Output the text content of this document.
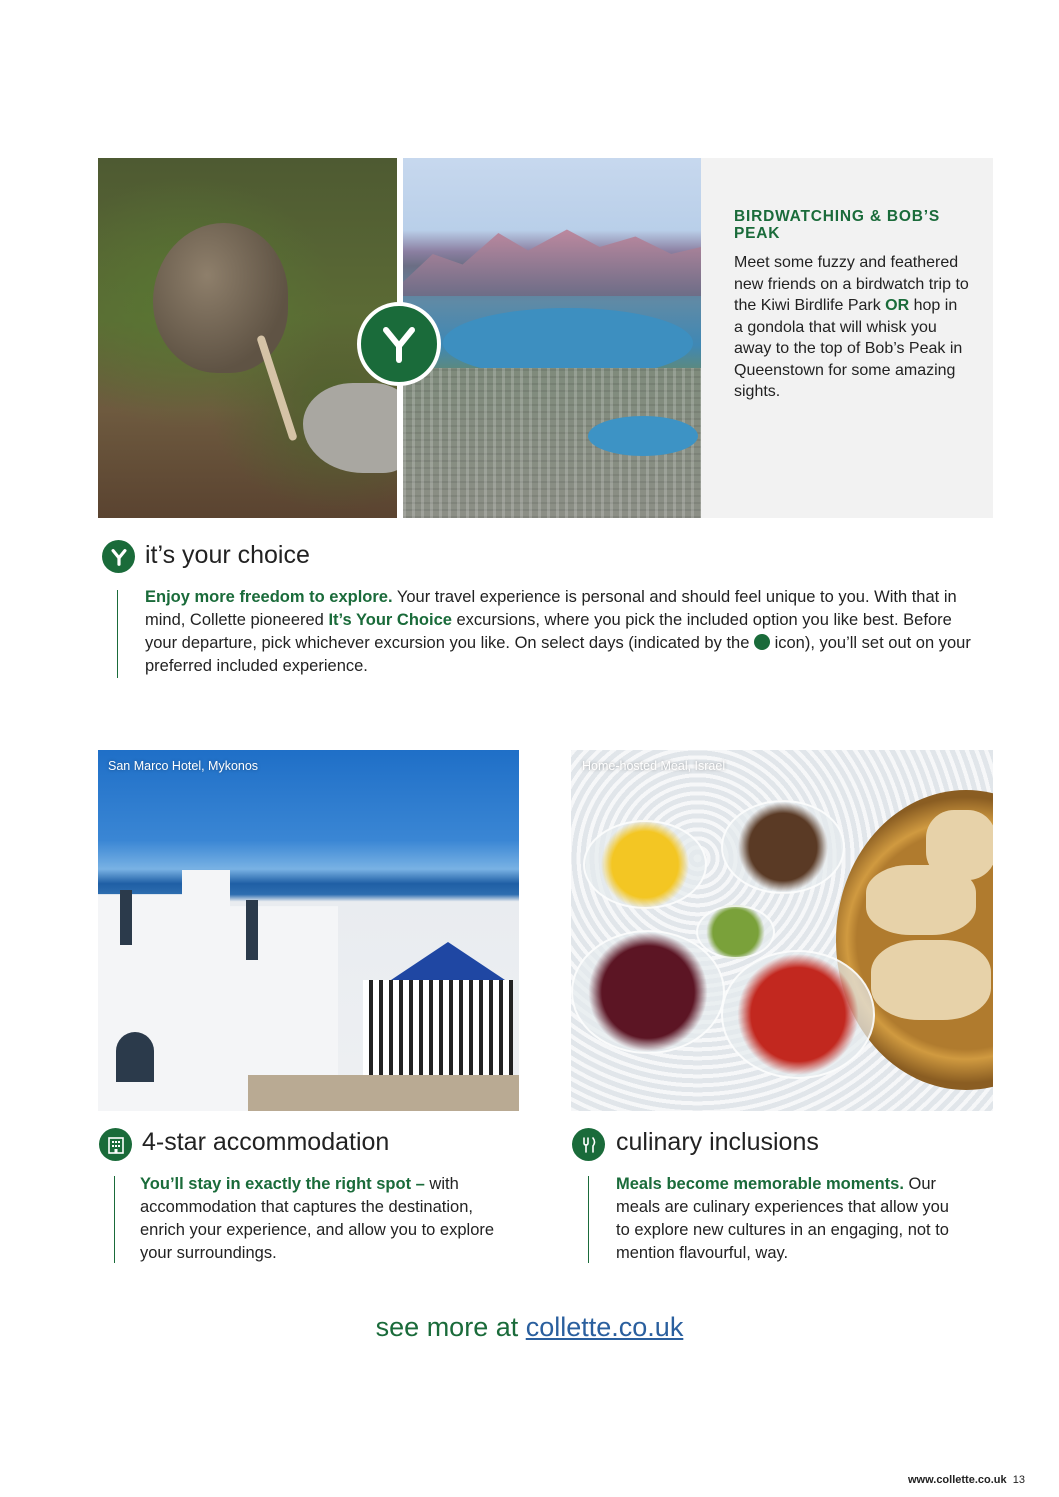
BIRDWATCHING & BOB’S PEAK
Meet some fuzzy and feathered new friends on a birdwatch trip to the Kiwi Birdlife Park OR hop in a gondola that will whisk you away to the top of Bob’s Peak in Queenstown for some amazing sights.
it’s your choice
Enjoy more freedom to explore. Your travel experience is personal and should feel unique to you. With that in mind, Collette pioneered It’s Your Choice excursions, where you pick the included option you like best. Before your departure, pick whichever excursion you like. On select days (indicated by the  icon), you’ll set out on your preferred included experience.
San Marco Hotel, Mykonos	Home-hosted Meal, Israel
4-star accommodation
You’ll stay in exactly the right spot – with accommodation that captures the destination, enrich your experience, and allow you to explore your surroundings.
culinary inclusions
Meals become memorable moments. Our meals are culinary experiences that allow you to explore new cultures in an engaging, not to mention flavourful, way.
see more at collette.co.uk
www.collette.co.uk 13
